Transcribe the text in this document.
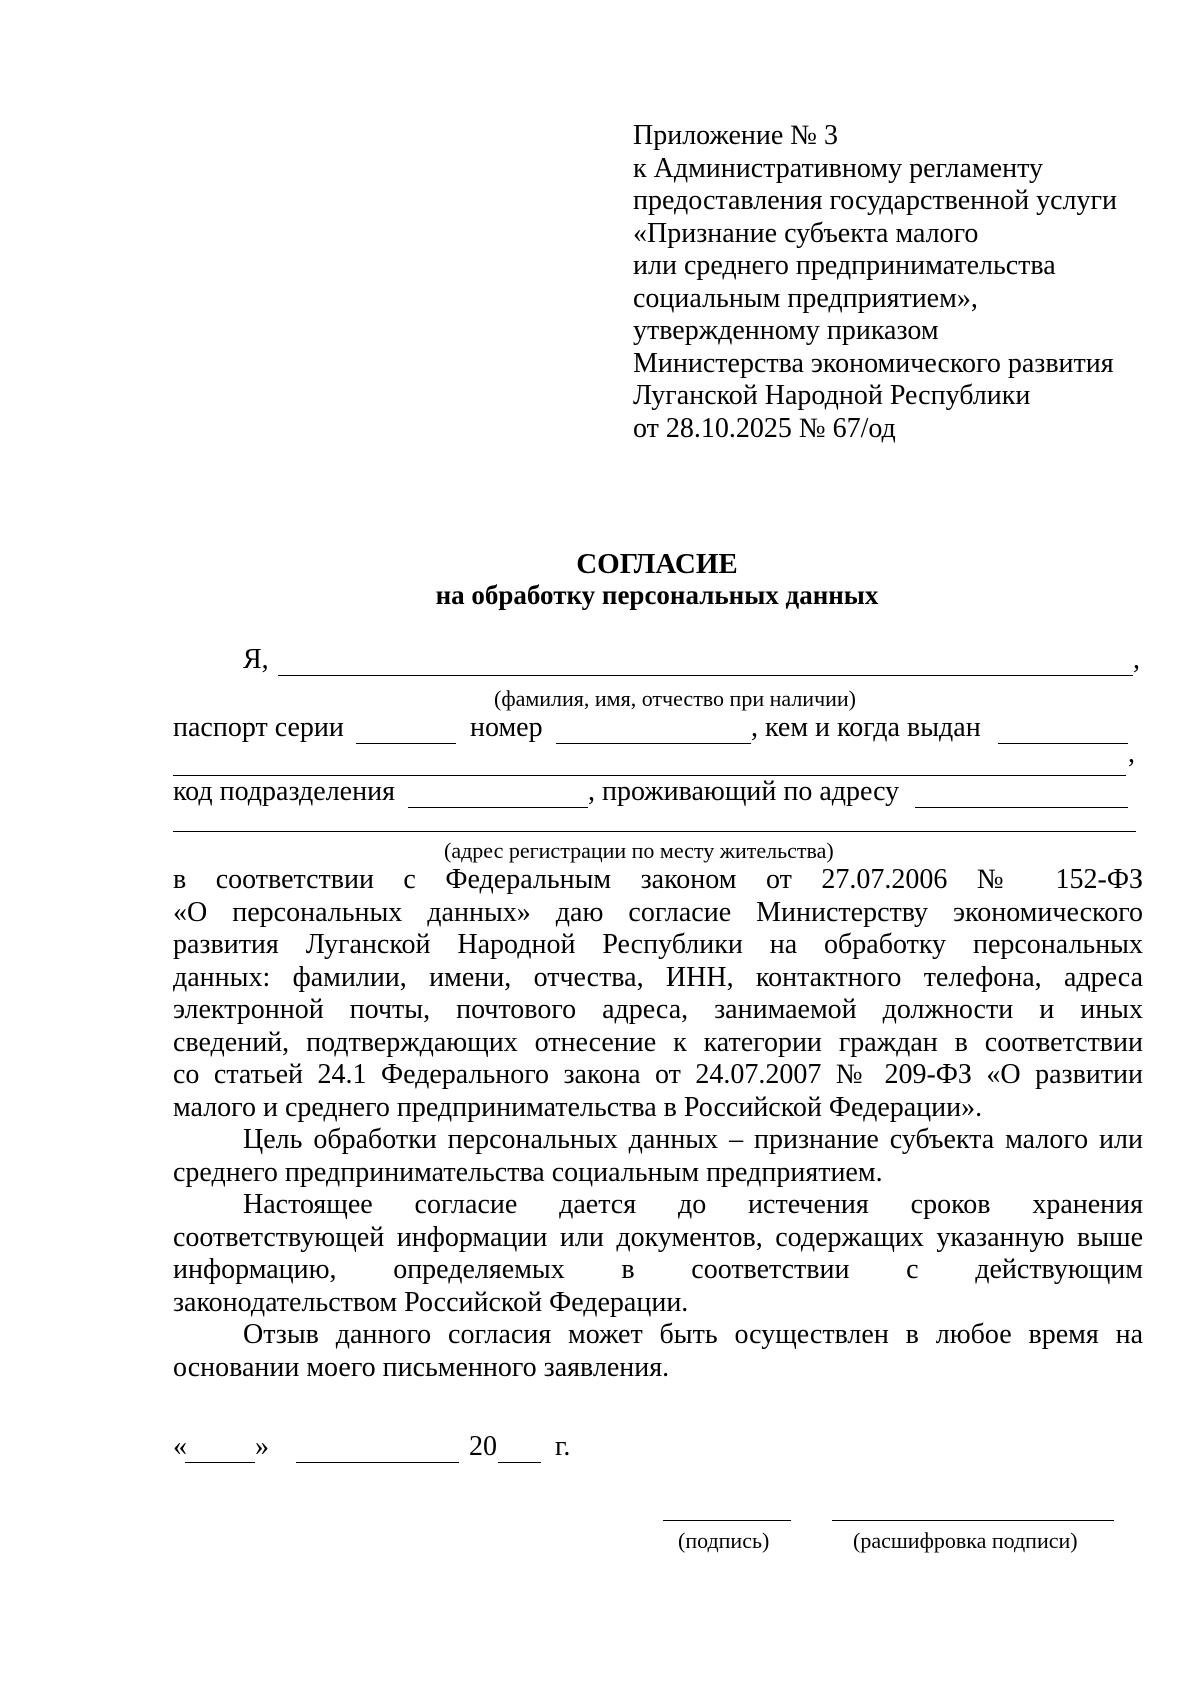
Приложение № 3
к Административному регламенту
предоставления государственной услуги
«Признание субъекта малого
или среднего предпринимательства
социальным предприятием»,
утвержденному приказом
Министерства экономического развития
Луганской Народной Республики
от 28.10.2025 № 67/од
СОГЛАСИЕ
на обработку персональных данных
Я,	,
(фамилия, имя, отчество при наличии)
паспорт серии	номер	, кем и когда выдан
,
код подразделения	, проживающий по адресу
(адрес регистрации по месту жительства)
в соответствии с Федеральным законом от 27.07.2006 № 152-ФЗ
«О персональных данных» даю согласие Министерству экономического
развития Луганской Народной Республики на обработку персональных
данных: фамилии, имени, отчества, ИНН, контактного телефона, адреса
электронной почты, почтового адреса, занимаемой должности и иных
сведений, подтверждающих отнесение к категории граждан в соответствии
со статьей 24.1 Федерального закона от 24.07.2007 № 209-ФЗ «О развитии
малого и среднего предпринимательства в Российской Федерации».
Цель обработки персональных данных – признание субъекта малого или
среднего предпринимательства социальным предприятием.
Настоящее согласие дается до истечения сроков хранения
соответствующей информации или документов, содержащих указанную выше
информацию, определяемых в соответствии с действующим
законодательством Российской Федерации.
Отзыв данного согласия может быть осуществлен в любое время на
основании моего письменного заявления.
« »	20 г.
(подпись)	(расшифровка подписи)
